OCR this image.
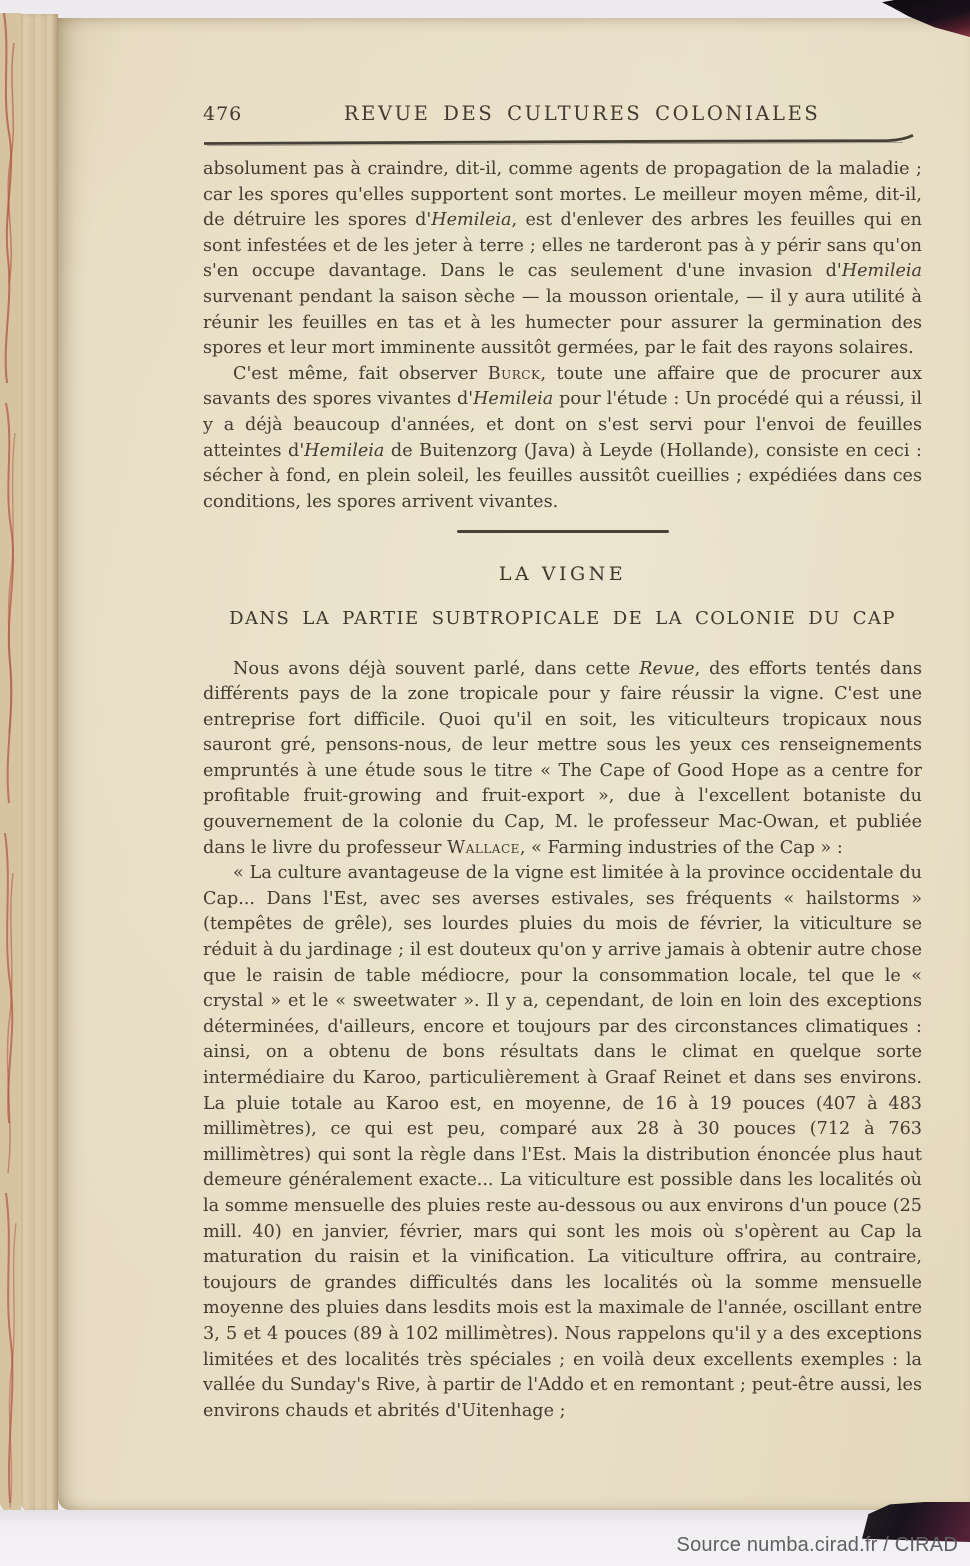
476	REVUE DES CULTURES COLONIALES

absolument pas à craindre, dit-il, comme agents de propagation de la maladie ; car les spores qu'elles supportent sont mortes. Le meilleur moyen même, dit-il, de détruire les spores d'Hemileia, est d'enlever des arbres les feuilles qui en sont infestées et de les jeter à terre ; elles ne tarderont pas à y périr sans qu'on s'en occupe davantage. Dans le cas seulement d'une invasion d'Hemileia survenant pendant la saison sèche — la mousson orientale, — il y aura utilité à réunir les feuilles en tas et à les humecter pour assurer la germination des spores et leur mort imminente aussitôt germées, par le fait des rayons solaires.

C'est même, fait observer Burck, toute une affaire que de procurer aux savants des spores vivantes d'Hemileia pour l'étude : Un procédé qui a réussi, il y a déjà beaucoup d'années, et dont on s'est servi pour l'envoi de feuilles atteintes d'Hemileia de Buitenzorg (Java) à Leyde (Hollande), consiste en ceci : sécher à fond, en plein soleil, les feuilles aussitôt cueillies ; expédiées dans ces conditions, les spores arrivent vivantes.

LA VIGNE
DANS LA PARTIE SUBTROPICALE DE LA COLONIE DU CAP

Nous avons déjà souvent parlé, dans cette Revue, des efforts tentés dans différents pays de la zone tropicale pour y faire réussir la vigne. C'est une entreprise fort difficile. Quoi qu'il en soit, les viticulteurs tropicaux nous sauront gré, pensons-nous, de leur mettre sous les yeux ces renseignements empruntés à une étude sous le titre « The Cape of Good Hope as a centre for profitable fruit-growing and fruit-export », due à l'excellent botaniste du gouvernement de la colonie du Cap, M. le professeur Mac-Owan, et publiée dans le livre du professeur Wallace, « Farming industries of the Cap » :

« La culture avantageuse de la vigne est limitée à la province occidentale du Cap... Dans l'Est, avec ses averses estivales, ses fréquents « hailstorms » (tempêtes de grêle), ses lourdes pluies du mois de février, la viticulture se réduit à du jardinage ; il est douteux qu'on y arrive jamais à obtenir autre chose que le raisin de table médiocre, pour la consommation locale, tel que le « crystal » et le « sweetwater ». Il y a, cependant, de loin en loin des exceptions déterminées, d'ailleurs, encore et toujours par des circonstances climatiques : ainsi, on a obtenu de bons résultats dans le climat en quelque sorte intermédiaire du Karoo, particulièrement à Graaf Reinet et dans ses environs. La pluie totale au Karoo est, en moyenne, de 16 à 19 pouces (407 à 483 millimètres), ce qui est peu, comparé aux 28 à 30 pouces (712 à 763 millimètres) qui sont la règle dans l'Est. Mais la distribution énoncée plus haut demeure généralement exacte... La viticulture est possible dans les localités où la somme mensuelle des pluies reste au-dessous ou aux environs d'un pouce (25 mill. 40) en janvier, février, mars qui sont les mois où s'opèrent au Cap la maturation du raisin et la vinification. La viticulture offrira, au contraire, toujours de grandes difficultés dans les localités où la somme mensuelle moyenne des pluies dans lesdits mois est la maximale de l'année, oscillant entre 3, 5 et 4 pouces (89 à 102 millimètres). Nous rappelons qu'il y a des exceptions limitées et des localités très spéciales ; en voilà deux excellents exemples : la vallée du Sunday's Rive, à partir de l'Addo et en remontant ; peut-être aussi, les environs chauds et abrités d'Uitenhage ;

Source numba.cirad.fr / CIRAD
